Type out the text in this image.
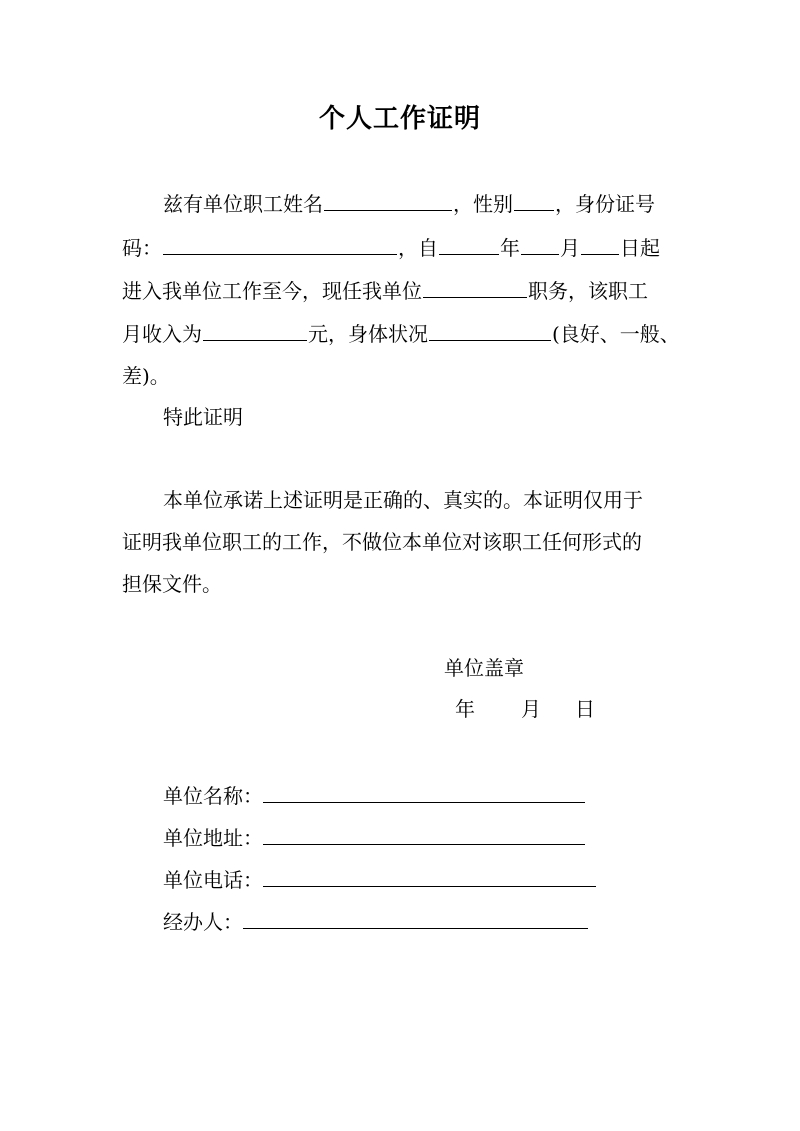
个人工作证明
兹有单位职工姓名	，性别 ，身份证号
码：	，自	年 月 日起
进入我单位工作至今，现任我单位	职务，该职工
月收入为	元，身体状况	(良好、一般、
差)。
特此证明
本单位承诺上述证明是正确的、真实的。本证明仅用于
证明我单位职工的工作，不做位本单位对该职工任何形式的
担保文件。
单位盖章
年 月 日
单位名称：
单位地址：
单位电话：
经办人：
